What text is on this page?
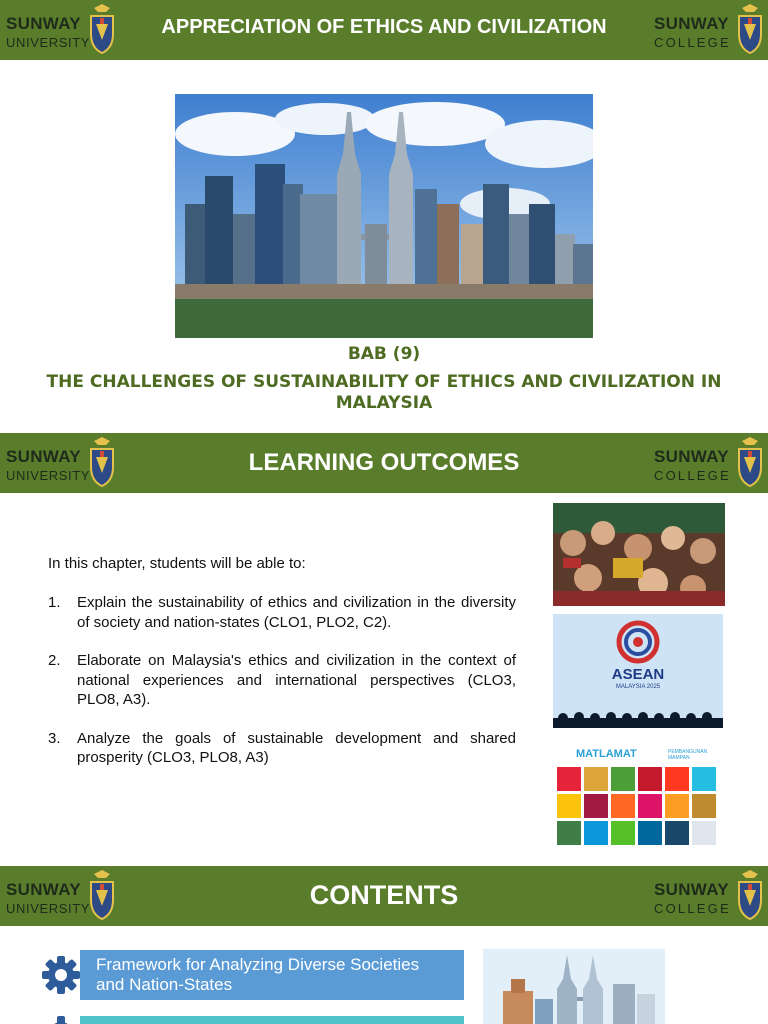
SUNWAY
UNIVERSITY
APPRECIATION OF ETHICS AND CIVILIZATION	SUNWAY
COLLEGE
BAB (9)
THE CHALLENGES OF SUSTAINABILITY OF ETHICS AND CIVILIZATION IN MALAYSIA
SUNWAY
UNIVERSITY	LEARNING OUTCOMES	SUNWAY
COLLEGE
In this chapter, students will be able to:
1. Explain the sustainability of ethics and civilization in the diversity of society and nation-states (CLO1, PLO2, C2).
2. Elaborate on Malaysia's ethics and civilization in the context of national experiences and international perspectives (CLO3, PLO8, A3).
3. Analyze the goals of sustainable development and shared prosperity (CLO3, PLO8, A3)
ASEAN
MALAYSIA 2025
MATLAMAT	PEMBANGUNAN MAMPAN
SUNWAY
UNIVERSITY	CONTENTS	SUNWAY
COLLEGE
Framework for Analyzing Diverse Societies and Nation-States
